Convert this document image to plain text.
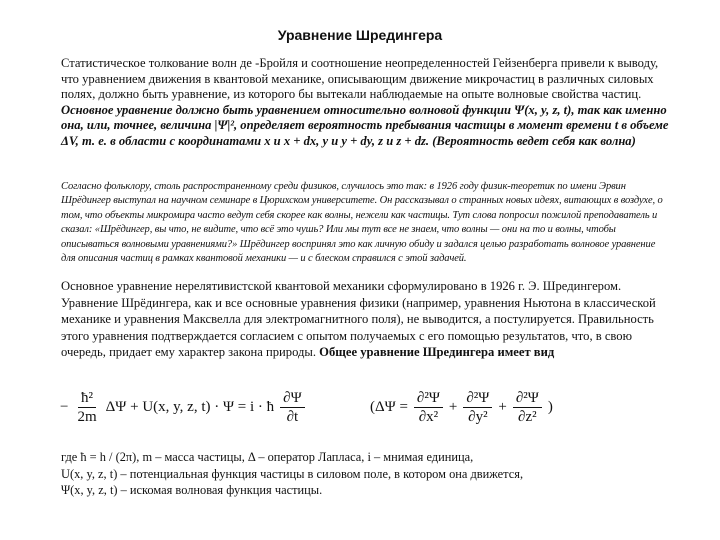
Уравнение Шредингера
Статистическое толкование волн де -Бройля и соотношение неопределенностей Гейзенберга привели к выводу, что уравнением движения в квантовой механике, описывающим движение микрочастиц в различных силовых полях, должно быть уравнение, из которого бы вытекали наблюдаемые на опыте волновые свойства частиц. Основное уравнение должно быть уравнением относительно волновой функции Ψ(x, y, z, t), так как именно она, или, точнее, величина |Ψ|², определяет вероятность пребывания частицы в момент времени t в объеме ΔV, т. е. в области с координатами x и x + dx, y и y + dy, z и z + dz. (Вероятность ведет себя как волна)
Согласно фольклору, столь распространенному среди физиков, случилось это так: в 1926 году физик-теоретик по имени Эрвин Шрёдингер выступал на научном семинаре в Цюрихском университете. Он рассказывал о странных новых идеях, витающих в воздухе, о том, что объекты микромира часто ведут себя скорее как волны, нежели как частицы. Тут слова попросил пожилой преподаватель и сказал: «Шрёдингер, вы что, не видите, что всё это чушь? Или мы тут все не знаем, что волны — они на то и волны, чтобы описываться волновыми уравнениями?» Шрёдингер воспринял это как личную обиду и задался целью разработать волновое уравнение для описания частиц в рамках квантовой механики — и с блеском справился с этой задачей.
Основное уравнение нерелятивистской квантовой механики сформулировано в 1926 г. Э. Шредингером. Уравнение Шрёдингера, как и все основные уравнения физики (например, уравнения Ньютона в классической механике и уравнения Максвелла для электромагнитного поля), не выводится, а постулируется. Правильность этого уравнения подтверждается согласием с опытом получаемых с его помощью результатов, что, в свою очередь, придает ему характер закона природы. Общее уравнение Шредингера имеет вид
− $\frac{\text{ħ²}}{2m}$ ΔΨ + U(x, y, z, t) · Ψ = i · ħ $\frac{\partial\Psi}{\partial t}$	($\Delta\Psi = \frac{\text{∂²Ψ}}{\text{∂x²}} + \frac{\text{∂²Ψ}}{\text{∂y²}} + \frac{\text{∂²Ψ}}{\text{∂z²}}$ )
где ħ = h / (2π), m – масса частицы, Δ – оператор Лапласа, i – мнимая единица,
U(x, y, z, t) – потенциальная функция частицы в силовом поле, в котором она движется,
Ψ(x, y, z, t) – искомая волновая функция частицы.
